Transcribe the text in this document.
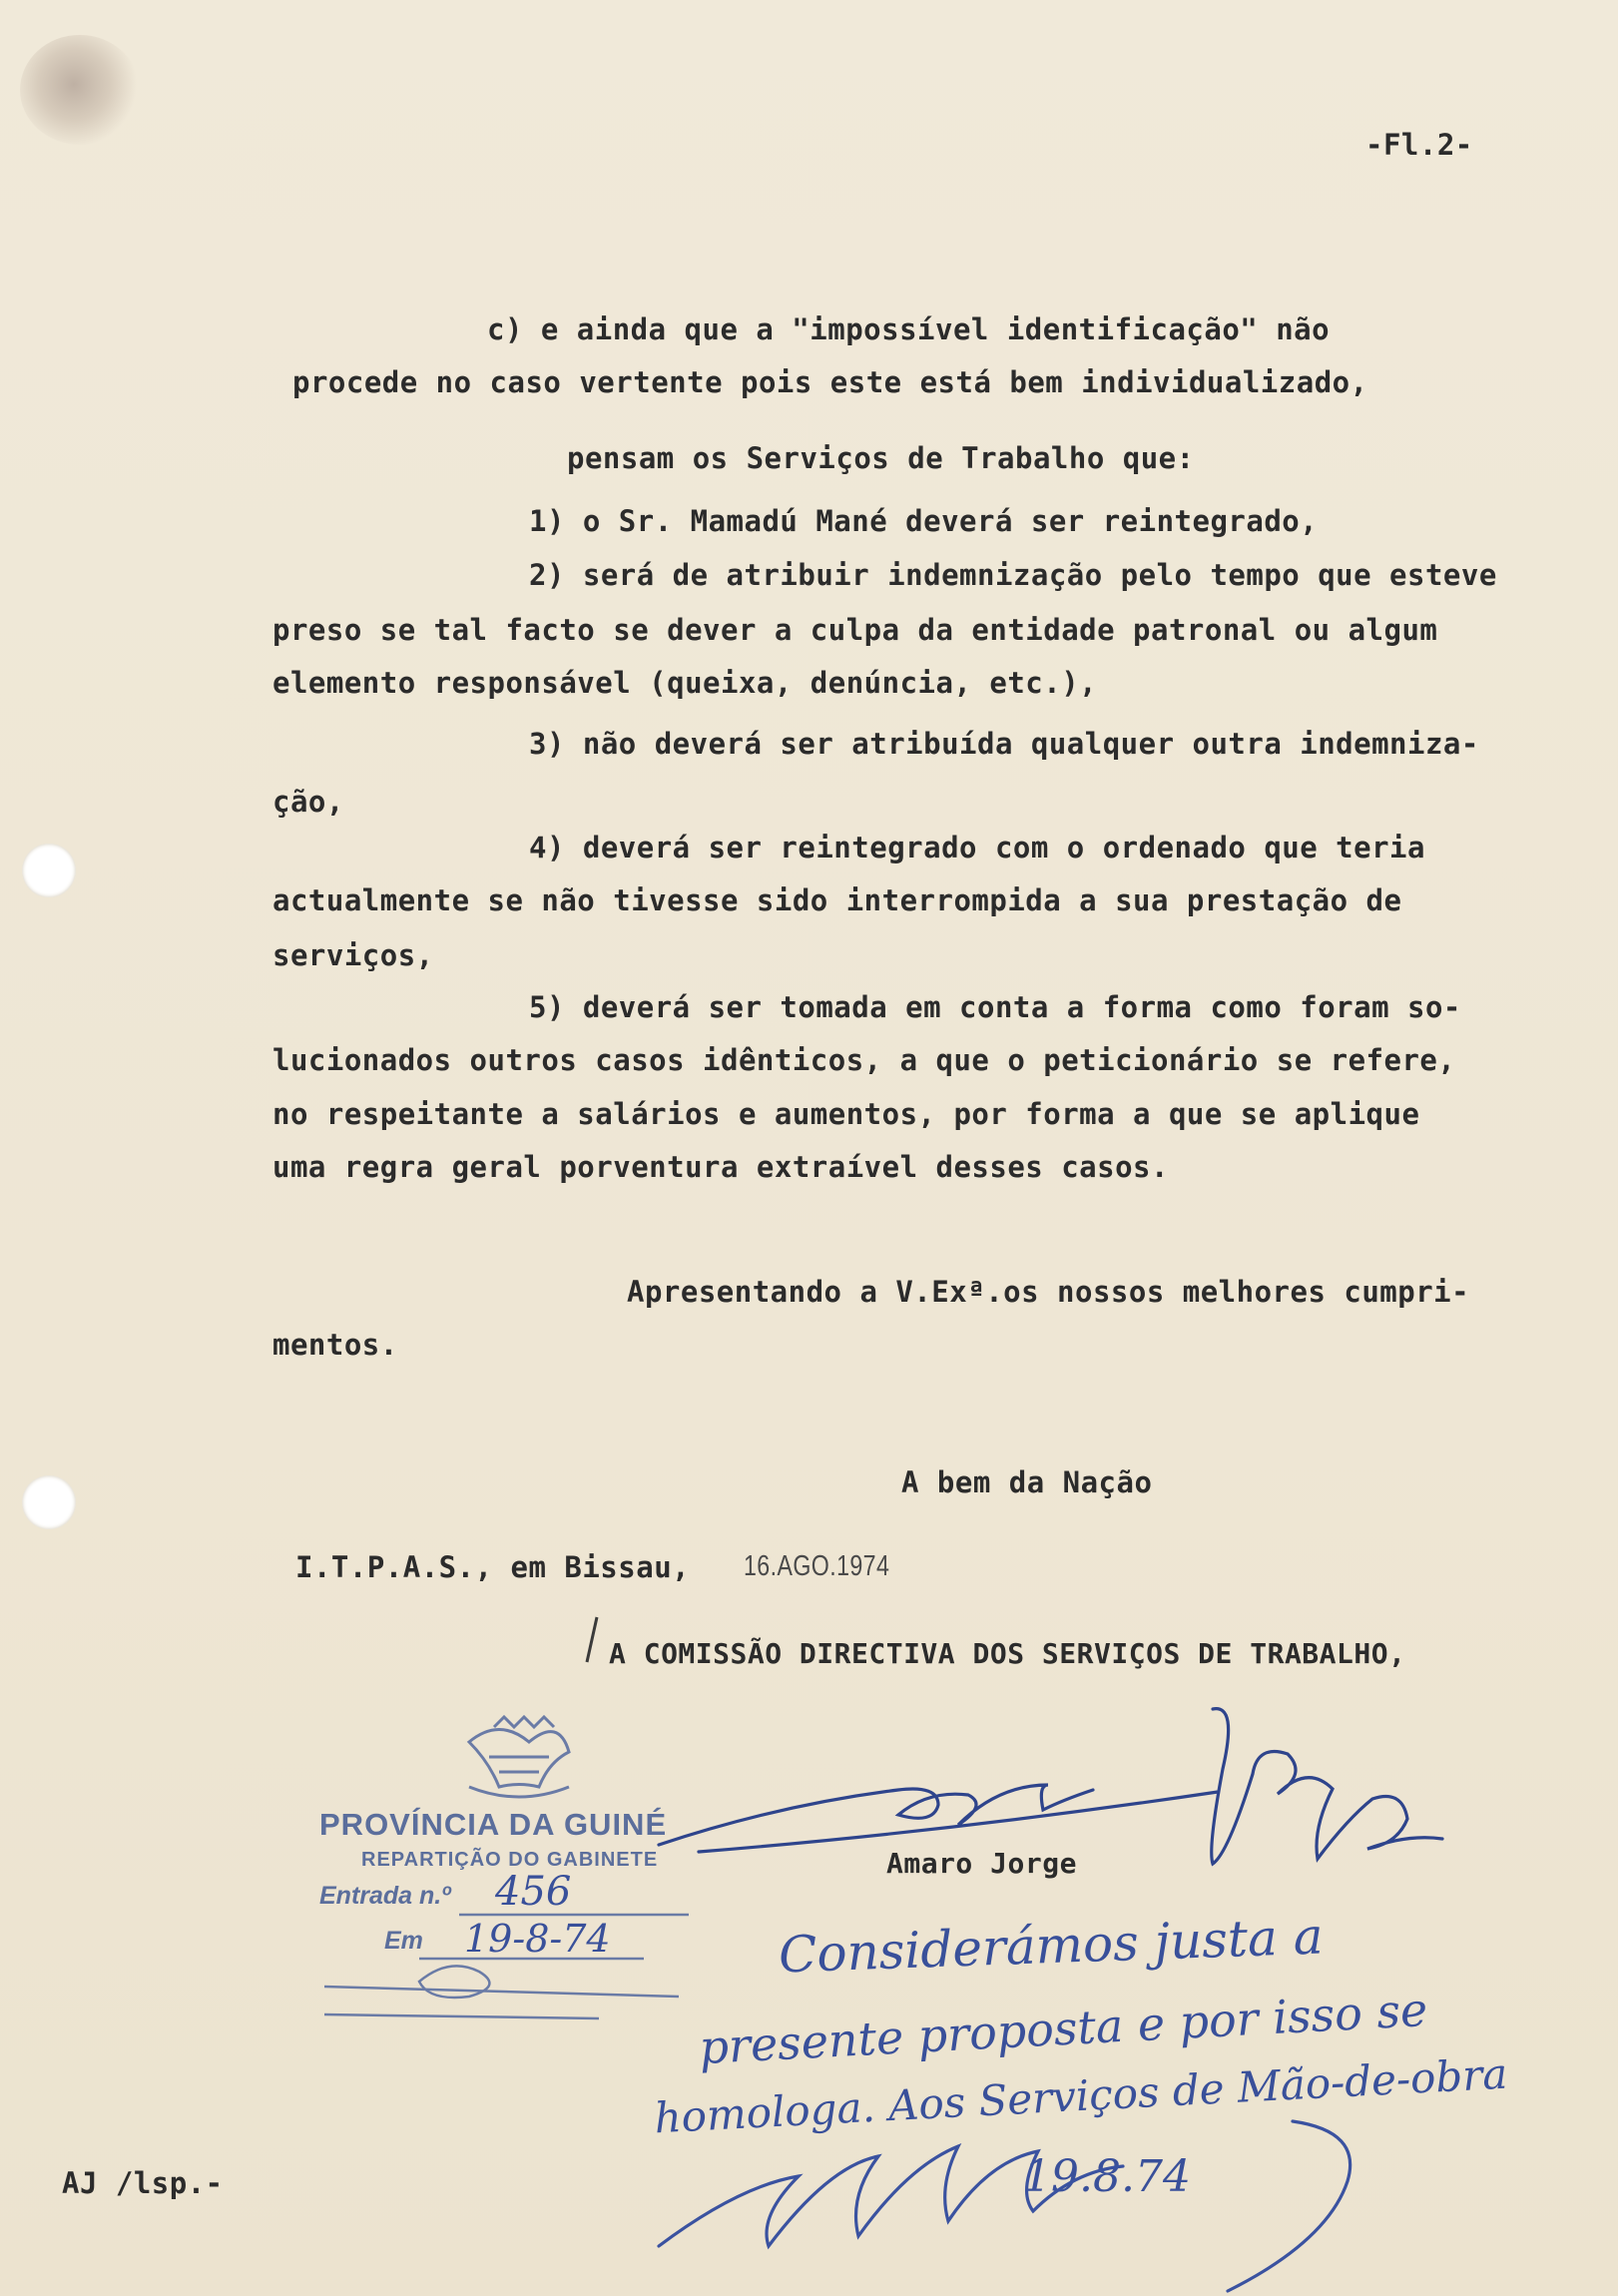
-Fl.2-
c) e ainda que a "impossível identificação" não
procede no caso vertente pois este está bem individualizado,
pensam os Serviços de Trabalho que:
1) o Sr. Mamadú Mané deverá ser reintegrado,
2) será de atribuir indemnização pelo tempo que esteve
preso se tal facto se dever a culpa da entidade patronal ou algum
elemento responsável (queixa, denúncia, etc.),
3) não deverá ser atribuída qualquer outra indemniza-
ção,
4) deverá ser reintegrado com o ordenado que teria
actualmente se não tivesse sido interrompida a sua prestação de
serviços,
5) deverá ser tomada em conta a forma como foram so-
lucionados outros casos idênticos, a que o peticionário se refere,
no respeitante a salários e aumentos, por forma a que se aplique
uma regra geral porventura extraível desses casos.
Apresentando a V.Exª.os nossos melhores cumpri-
mentos.
A bem da Nação
I.T.P.A.S., em Bissau, 16.AGO.1974
A COMISSÃO DIRECTIVA DOS SERVIÇOS DE TRABALHO,
Amaro Jorge
AJ /lsp.-
PROVÍNCIA DA GUINÉ
REPARTIÇÃO DO GABINETE
Entrada n.º 456
Em 19-8-74	Considerámos justa a
presente proposta e por isso se
homologa. Aos Serviços de Mão-de-obra
19.8.74
